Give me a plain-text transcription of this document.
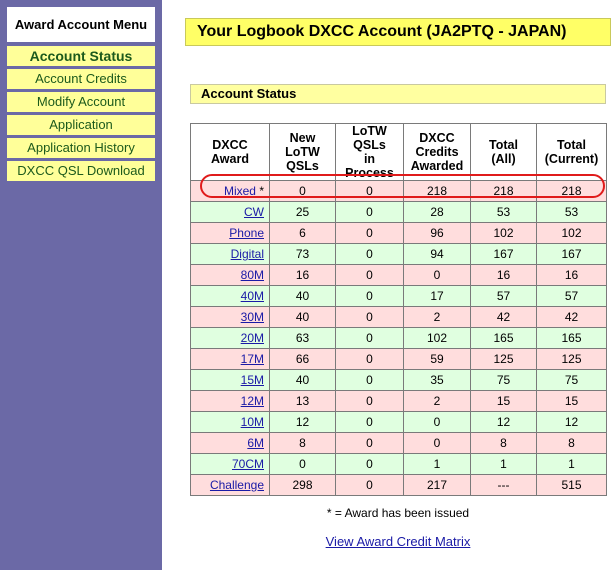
Award Account Menu
Account Status
Account Credits
Modify Account
Application
Application History
DXCC QSL Download
Your Logbook DXCC Account (JA2PTQ - JAPAN)
Account Status
DXCC Award	New LoTW QSLs	LoTW QSLs in Process	DXCC Credits Awarded	Total (All)	Total (Current)
Mixed *	0	0	218	218	218
CW	25	0	28	53	53
Phone	6	0	96	102	102
Digital	73	0	94	167	167
80M	16	0	0	16	16
40M	40	0	17	57	57
30M	40	0	2	42	42
20M	63	0	102	165	165
17M	66	0	59	125	125
15M	40	0	35	75	75
12M	13	0	2	15	15
10M	12	0	0	12	12
6M	8	0	0	8	8
70CM	0	0	1	1	1
Challenge	298	0	217	---	515
* = Award has been issued
View Award Credit Matrix
